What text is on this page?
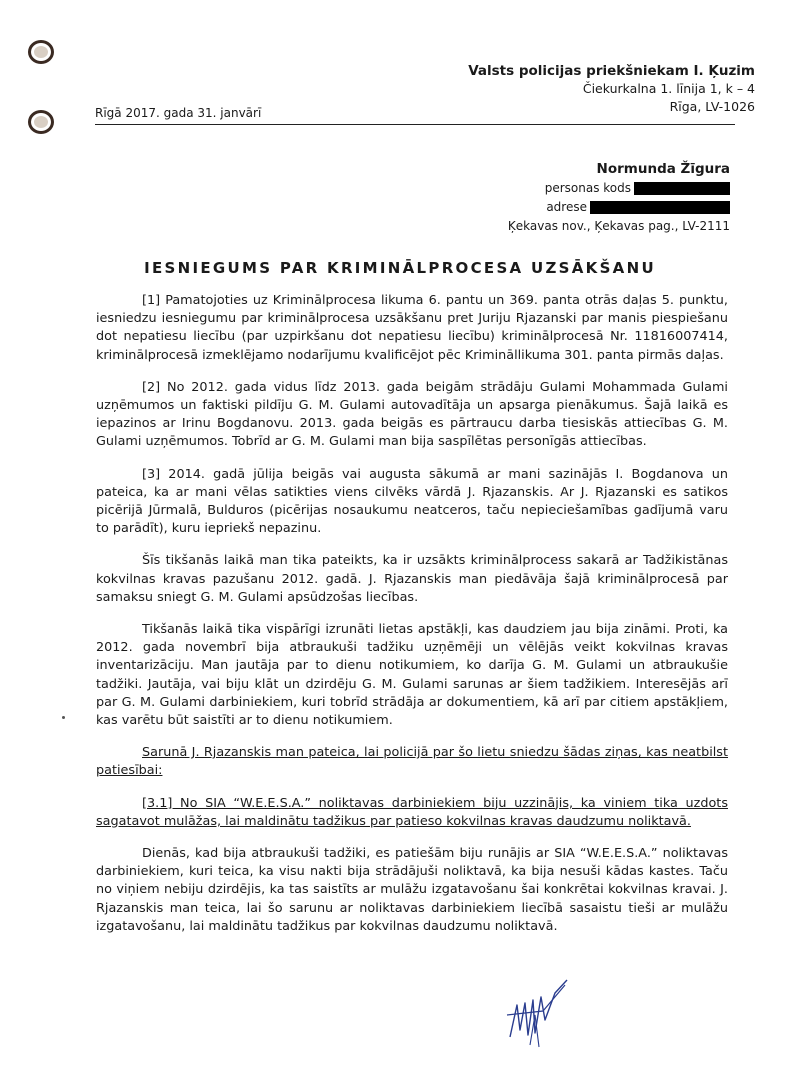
Valsts policijas priekšniekam I. Ķuzim
Čiekurkalna 1. līnija 1, k – 4
Rīga, LV-1026
Rīgā 2017. gada 31. janvārī
Normunda Žīgura
personas kods
adrese
Ķekavas nov., Ķekavas pag., LV-2111
IESNIEGUMS PAR KRIMINĀLPROCESA UZSĀKŠANU

[1] Pamatojoties uz Kriminālprocesa likuma 6. pantu un 369. panta otrās daļas 5. punktu, iesniedzu iesniegumu par kriminālprocesa uzsākšanu pret Juriju Rjazanski par manis piespiešanu dot nepatiesu liecību (par uzpirkšanu dot nepatiesu liecību) kriminālprocesā Nr. 11816007414, kriminālprocesā izmeklējamo nodarījumu kvalificējot pēc Krimināllikuma 301. panta pirmās daļas.

[2] No 2012. gada vidus līdz 2013. gada beigām strādāju Gulami Mohammada Gulami uzņēmumos un faktiski pildīju G. M. Gulami autovadītāja un apsarga pienākumus. Šajā laikā es iepazinos ar Irinu Bogdanovu. 2013. gada beigās es pārtraucu darba tiesiskās attiecības G. M. Gulami uzņēmumos. Tobrīd ar G. M. Gulami man bija saspīlētas personīgās attiecības.

[3] 2014. gadā jūlija beigās vai augusta sākumā ar mani sazinājās I. Bogdanova un pateica, ka ar mani vēlas satikties viens cilvēks vārdā J. Rjazanskis. Ar J. Rjazanski es satikos picērijā Jūrmalā, Bulduros (picērijas nosaukumu neatceros, taču nepieciešamības gadījumā varu to parādīt), kuru iepriekš nepazinu.

Šīs tikšanās laikā man tika pateikts, ka ir uzsākts kriminālprocess sakarā ar Tadžikistānas kokvilnas kravas pazušanu 2012. gadā. J. Rjazanskis man piedāvāja šajā kriminālprocesā par samaksu sniegt G. M. Gulami apsūdzošas liecības.

Tikšanās laikā tika vispārīgi izrunāti lietas apstākļi, kas daudziem jau bija zināmi. Proti, ka 2012. gada novembrī bija atbraukuši tadžiku uzņēmēji un vēlējās veikt kokvilnas kravas inventarizāciju. Man jautāja par to dienu notikumiem, ko darīja G. M. Gulami un atbraukušie tadžiki. Jautāja, vai biju klāt un dzirdēju G. M. Gulami sarunas ar šiem tadžikiem. Interesējās arī par G. M. Gulami darbiniekiem, kuri tobrīd strādāja ar dokumentiem, kā arī par citiem apstākļiem, kas varētu būt saistīti ar to dienu notikumiem.

Sarunā J. Rjazanskis man pateica, lai policijā par šo lietu sniedzu šādas ziņas, kas neatbilst patiesībai:

[3.1] No SIA “W.E.E.S.A.” noliktavas darbiniekiem biju uzzinājis, ka viniem tika uzdots sagatavot mulāžas, lai maldinātu tadžikus par patieso kokvilnas kravas daudzumu noliktavā.

Dienās, kad bija atbraukuši tadžiki, es patiešām biju runājis ar SIA “W.E.E.S.A.” noliktavas darbiniekiem, kuri teica, ka visu nakti bija strādājuši noliktavā, ka bija nesuši kādas kastes. Taču no viņiem nebiju dzirdējis, ka tas saistīts ar mulāžu izgatavošanu šai konkrētai kokvilnas kravai. J. Rjazanskis man teica, lai šo sarunu ar noliktavas darbiniekiem liecībā sasaistu tieši ar mulāžu izgatavošanu, lai maldinātu tadžikus par kokvilnas daudzumu noliktavā.
